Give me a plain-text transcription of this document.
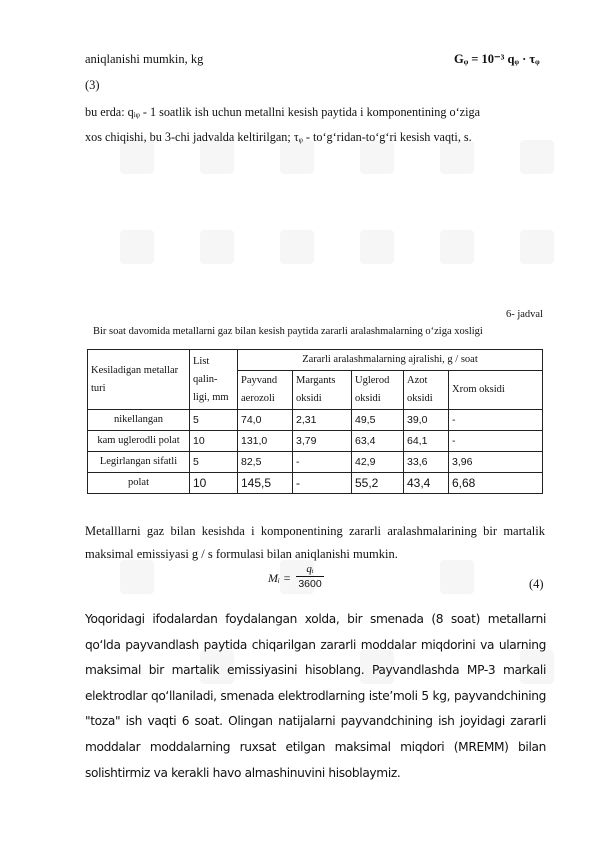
aniqlanishi mumkin, kg	Gᵩ = 10⁻³ qᵩ · τᵩ
(3)
bu erda: qᵢᵩ - 1 soatlik ish uchun metallni kesish paytida i komponentining o‘ziga
xos chiqishi, bu 3-chi jadvalda keltirilgan; τᵩ - to‘g‘ridan-to‘g‘ri kesish vaqti, s.
6- jadval
Bir soat davomida metallarni gaz bilan kesish paytida zararli aralashmalarning o‘ziga xosligi
Kesiladigan metallar turi	List qalin-ligi, mm	Zararli aralashmalarning ajralishi, g / soat				
		Payvand aerozoli	Margants oksidi	Uglerod oksidi	Azot oksidi	Xrom oksidi
nikellangan	5	74,0	2,31	49,5	39,0	-
kam uglerodli polat	10	131,0	3,79	63,4	64,1	-
Legirlangan sifatli	5	82,5	-	42,9	33,6	3,96
polat	10	145,5	-	55,2	43,4	6,68
Metalllarni gaz bilan kesishda i komponentining zararli aralashmalarining bir martalik maksimal emissiyasi g / s formulasi bilan aniqlanishi mumkin.
Mᵢ =
qᵢ
3600	(4)
Yoqoridagi ifodalardan foydalangan xolda, bir smenada (8 soat) metallarni qo‘lda payvandlash paytida chiqarilgan zararli moddalar miqdorini va ularning maksimal bir martalik emissiyasini hisoblang. Payvandlashda MP-3 markali elektrodlar qo‘llaniladi, smenada elektrodlarning iste’moli 5 kg, payvandchining "toza" ish vaqti 6 soat. Olingan natijalarni payvandchining ish joyidagi zararli moddalar moddalarning ruxsat etilgan maksimal miqdori (MREMM) bilan solishtirmiz va kerakli havo almashinuvini hisoblaymiz.
